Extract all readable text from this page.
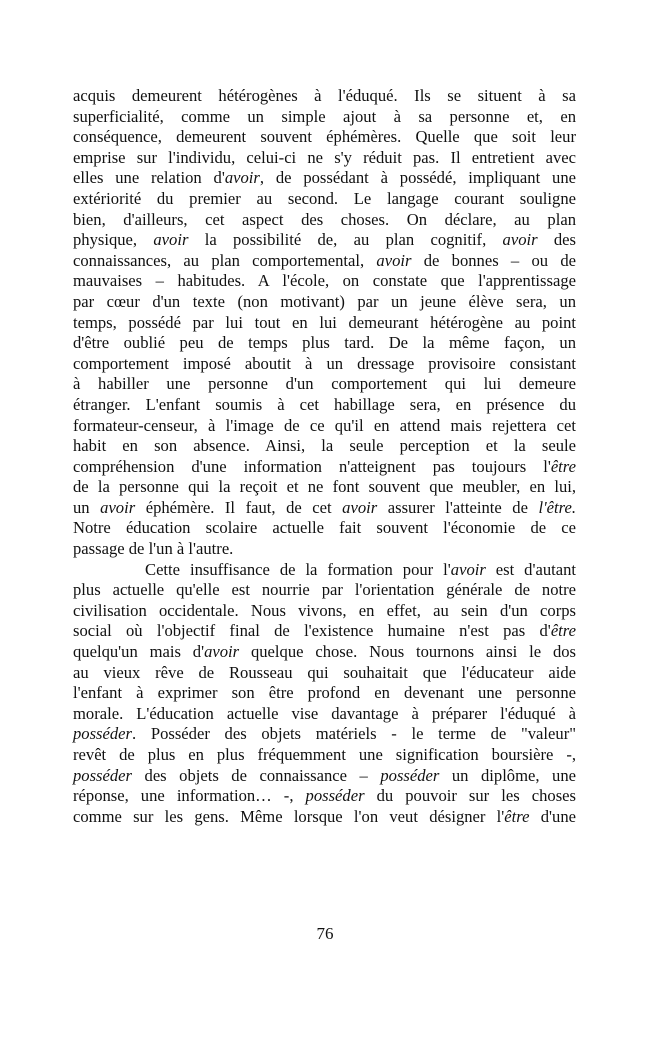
acquis demeurent hétérogènes à l'éduqué. Ils se situent à sa
superficialité, comme un simple ajout à sa personne et, en
conséquence, demeurent souvent éphémères. Quelle que soit leur
emprise sur l'individu, celui-ci ne s'y réduit pas. Il entretient avec
elles une relation d'avoir, de possédant à possédé, impliquant une
extériorité du premier au second. Le langage courant souligne
bien, d'ailleurs, cet aspect des choses. On déclare, au plan
physique, avoir la possibilité de, au plan cognitif, avoir des
connaissances, au plan comportemental, avoir de bonnes – ou de
mauvaises – habitudes. A l'école, on constate que l'apprentissage
par cœur d'un texte (non motivant) par un jeune élève sera, un
temps, possédé par lui tout en lui demeurant hétérogène au point
d'être oublié peu de temps plus tard. De la même façon, un
comportement imposé aboutit à un dressage provisoire consistant
à habiller une personne d'un comportement qui lui demeure
étranger. L'enfant soumis à cet habillage sera, en présence du
formateur-censeur, à l'image de ce qu'il en attend mais rejettera cet
habit en son absence. Ainsi, la seule perception et la seule
compréhension d'une information n'atteignent pas toujours l'être
de la personne qui la reçoit et ne font souvent que meubler, en lui,
un avoir éphémère. Il faut, de cet avoir assurer l'atteinte de l'être.
Notre éducation scolaire actuelle fait souvent l'économie de ce
passage de l'un à l'autre.
Cette insuffisance de la formation pour l'avoir est d'autant
plus actuelle qu'elle est nourrie par l'orientation générale de notre
civilisation occidentale. Nous vivons, en effet, au sein d'un corps
social où l'objectif final de l'existence humaine n'est pas d'être
quelqu'un mais d'avoir quelque chose. Nous tournons ainsi le dos
au vieux rêve de Rousseau qui souhaitait que l'éducateur aide
l'enfant à exprimer son être profond en devenant une personne
morale. L'éducation actuelle vise davantage à préparer l'éduqué à
posséder. Posséder des objets matériels - le terme de "valeur"
revêt de plus en plus fréquemment une signification boursière -,
posséder des objets de connaissance – posséder un diplôme, une
réponse, une information… -, posséder du pouvoir sur les choses
comme sur les gens. Même lorsque l'on veut désigner l'être d'une
76
